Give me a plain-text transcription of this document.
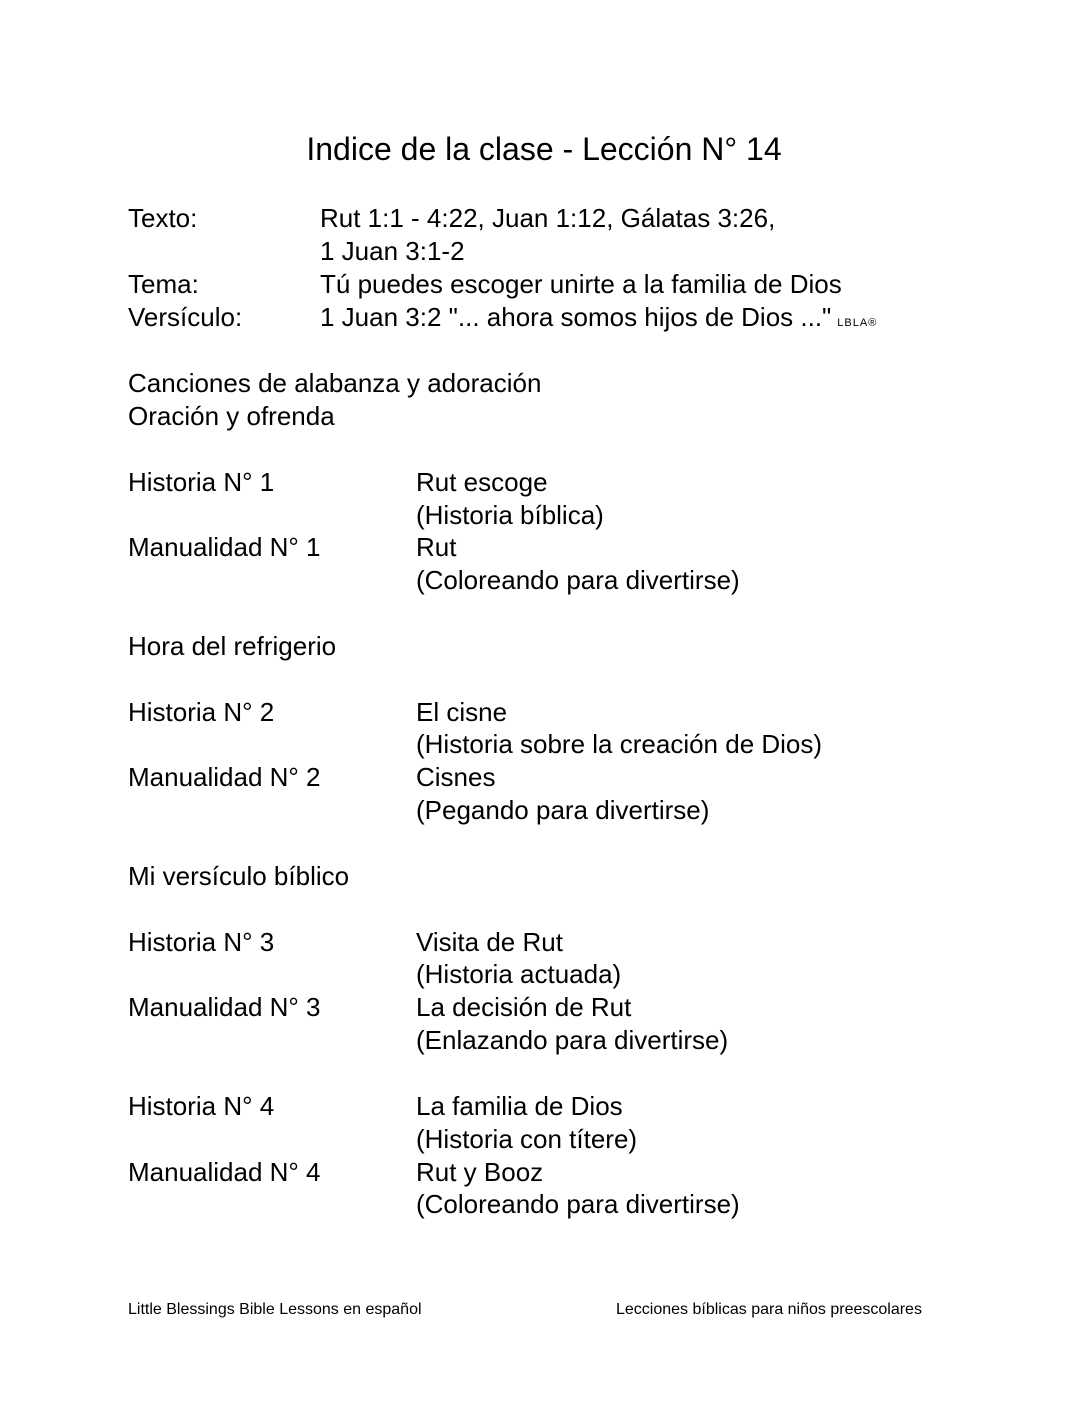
Indice de la clase - Lección N° 14
Texto:	Rut 1:1 - 4:22, Juan 1:12, Gálatas 3:26,
1 Juan 3:1-2
Tema:	Tú puedes escoger unirte a la familia de Dios
Versículo:	1 Juan 3:2 "... ahora somos hijos de Dios ..." LBLA®
Canciones de alabanza y adoración
Oración y ofrenda
Historia N° 1	Rut escoge
(Historia bíblica)
Manualidad N° 1	Rut
(Coloreando para divertirse)
Hora del refrigerio
Historia N° 2	El cisne
(Historia sobre la creación de Dios)
Manualidad N° 2	Cisnes
(Pegando para divertirse)
Mi versículo bíblico
Historia N° 3	Visita de Rut
(Historia actuada)
Manualidad N° 3	La decisión de Rut
(Enlazando para divertirse)
Historia N° 4	La familia de Dios
(Historia con títere)
Manualidad N° 4	Rut y Booz
(Coloreando para divertirse)
Little Blessings Bible Lessons en español	Lecciones bíblicas para niños preescolares
